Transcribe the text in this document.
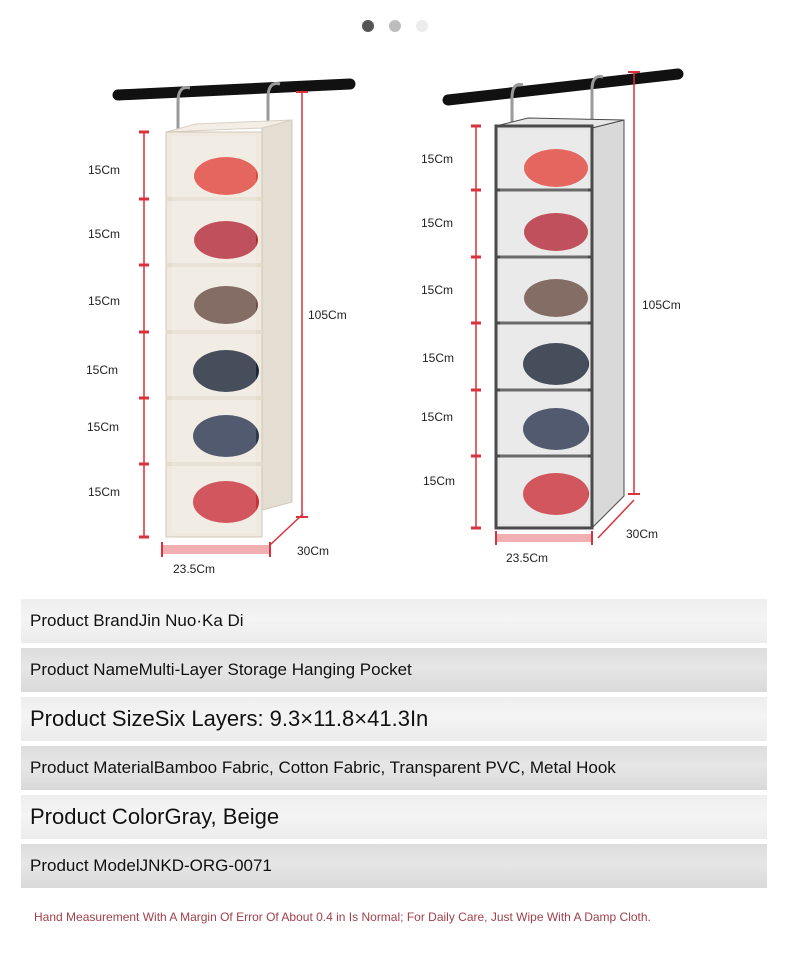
15Cm
15Cm
15Cm
15Cm
15Cm
15Cm
105Cm
30Cm
23.5Cm
15Cm
15Cm
15Cm
15Cm
15Cm
15Cm
105Cm
30Cm
23.5Cm
Product Brand Jin Nuo·Ka Di
Product Name Multi-Layer Storage Hanging Pocket
Product Size Six Layers: 9.3×11.8×41.3In
Product Material Bamboo Fabric, Cotton Fabric, Transparent PVC, Metal Hook
Product Color Gray, Beige
Product Model JNKD-ORG-0071
Hand Measurement With A Margin Of Error Of About 0.4 in Is Normal; For Daily Care, Just Wipe With A Damp Cloth.
